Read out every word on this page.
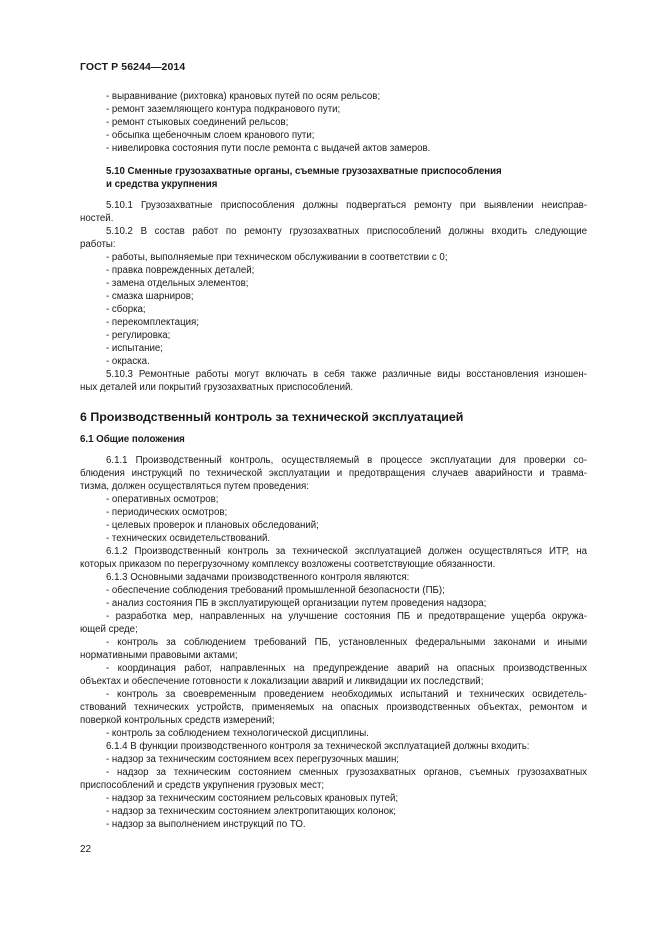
ГОСТ Р 56244—2014
- выравнивание (рихтовка) крановых путей по осям рельсов;
- ремонт заземляющего контура подкранового пути;
- ремонт стыковых соединений рельсов;
- обсыпка щебеночным слоем кранового пути;
- нивелировка состояния пути после ремонта с выдачей актов замеров.
5.10 Сменные грузозахватные органы, съемные грузозахватные приспособления
и средства укрупнения
5.10.1 Грузозахватные приспособления должны подвергаться ремонту при выявлении неисправ-
ностей.
5.10.2 В состав работ по ремонту грузозахватных приспособлений должны входить следующие
работы:
- работы, выполняемые при техническом обслуживании в соответствии с 0;
- правка поврежденных деталей;
- замена отдельных элементов;
- смазка шарниров;
- сборка;
- перекомплектация;
- регулировка;
- испытание;
- окраска.
5.10.3 Ремонтные работы могут включать в себя также различные виды восстановления изношен-
ных деталей или покрытий грузозахватных приспособлений.
6 Производственный контроль за технической эксплуатацией
6.1 Общие положения
6.1.1 Производственный контроль, осуществляемый в процессе эксплуатации для проверки со-
блюдения инструкций по технической эксплуатации и предотвращения случаев аварийности и травма-
тизма, должен осуществляться путем проведения:
- оперативных осмотров;
- периодических осмотров;
- целевых проверок и плановых обследований;
- технических освидетельствований.
6.1.2 Производственный контроль за технической эксплуатацией должен осуществляться ИТР, на
которых приказом по перегрузочному комплексу возложены соответствующие обязанности.
6.1.3 Основными задачами производственного контроля являются:
- обеспечение соблюдения требований промышленной безопасности (ПБ);
- анализ состояния ПБ в эксплуатирующей организации путем проведения надзора;
- разработка мер, направленных на улучшение состояния ПБ и предотвращение ущерба окружа-
ющей среде;
- контроль за соблюдением требований ПБ, установленных федеральными законами и иными
нормативными правовыми актами;
- координация работ, направленных на предупреждение аварий на опасных производственных
объектах и обеспечение готовности к локализации аварий и ликвидации их последствий;
- контроль за своевременным проведением необходимых испытаний и технических освидетель-
ствований технических устройств, применяемых на опасных производственных объектах, ремонтом и
поверкой контрольных средств измерений;
- контроль за соблюдением технологической дисциплины.
6.1.4 В функции производственного контроля за технической эксплуатацией должны входить:
- надзор за техническим состоянием всех перегрузочных машин;
- надзор за техническим состоянием сменных грузозахватных органов, съемных грузозахватных
приспособлений и средств укрупнения грузовых мест;
- надзор за техническим состоянием рельсовых крановых путей;
- надзор за техническим состоянием электропитающих колонок;
- надзор за выполнением инструкций по ТО.
22
